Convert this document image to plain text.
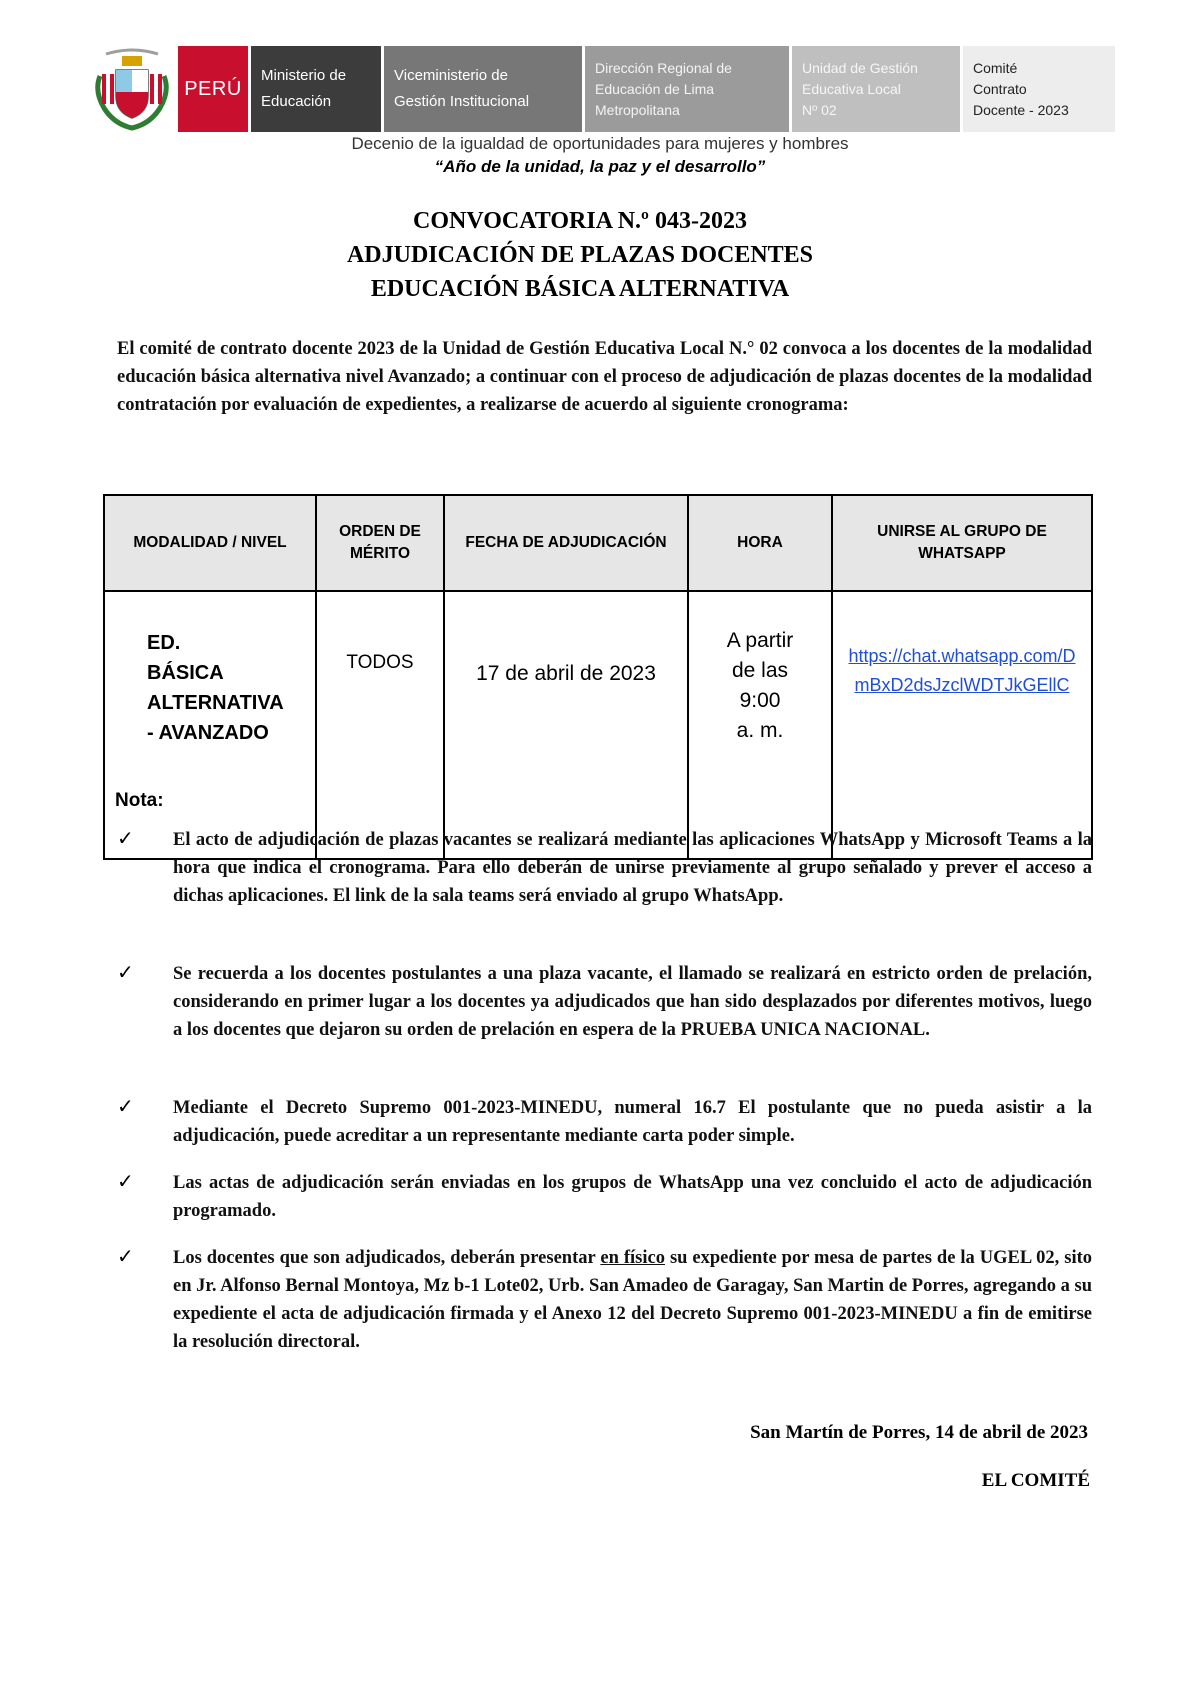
PERÚ
Ministerio de
Educación
Viceministerio de
Gestión Institucional
Dirección Regional de
Educación de Lima
Metropolitana
Unidad de Gestión
Educativa Local
Nº 02
Comité
Contrato
Docente - 2023
Decenio de la igualdad de oportunidades para mujeres y hombres
“Año de la unidad, la paz y el desarrollo”
CONVOCATORIA N.º 043-2023
ADJUDICACIÓN DE PLAZAS DOCENTES
EDUCACIÓN BÁSICA ALTERNATIVA
El comité de contrato docente 2023 de la Unidad de Gestión Educativa Local N.° 02 convoca a los docentes de la modalidad educación básica alternativa nivel Avanzado; a continuar con el proceso de adjudicación de plazas docentes de la modalidad contratación por evaluación de expedientes, a realizarse de acuerdo al siguiente cronograma:
MODALIDAD / NIVEL	ORDEN DE MÉRITO	FECHA DE ADJUDICACIÓN	HORA	UNIRSE AL GRUPO DE WHATSAPP

ED.
BÁSICA
ALTERNATIVA
- AVANZADO	TODOS	17 de abril de 2023	A partir
de las
9:00
a. m.	https://chat.whatsapp.com/DmBxD2dsJzclWDTJkGEllC
Nota:
✓ El acto de adjudicación de plazas vacantes se realizará mediante las aplicaciones WhatsApp y Microsoft Teams a la hora que indica el cronograma. Para ello deberán de unirse previamente al grupo señalado y prever el acceso a dichas aplicaciones. El link de la sala teams será enviado al grupo WhatsApp.
✓ Se recuerda a los docentes postulantes a una plaza vacante, el llamado se realizará en estricto orden de prelación, considerando en primer lugar a los docentes ya adjudicados que han sido desplazados por diferentes motivos, luego a los docentes que dejaron su orden de prelación en espera de la PRUEBA UNICA NACIONAL.
✓ Mediante el Decreto Supremo 001-2023-MINEDU, numeral 16.7 El postulante que no pueda asistir a la adjudicación, puede acreditar a un representante mediante carta poder simple.
✓ Las actas de adjudicación serán enviadas en los grupos de WhatsApp una vez concluido el acto de adjudicación programado.
✓ Los docentes que son adjudicados, deberán presentar en físico su expediente por mesa de partes de la UGEL 02, sito en Jr. Alfonso Bernal Montoya, Mz b-1 Lote02, Urb. San Amadeo de Garagay, San Martin de Porres, agregando a su expediente el acta de adjudicación firmada y el Anexo 12 del Decreto Supremo 001-2023-MINEDU a fin de emitirse la resolución directoral.
San Martín de Porres, 14 de abril de 2023
EL COMITÉ
